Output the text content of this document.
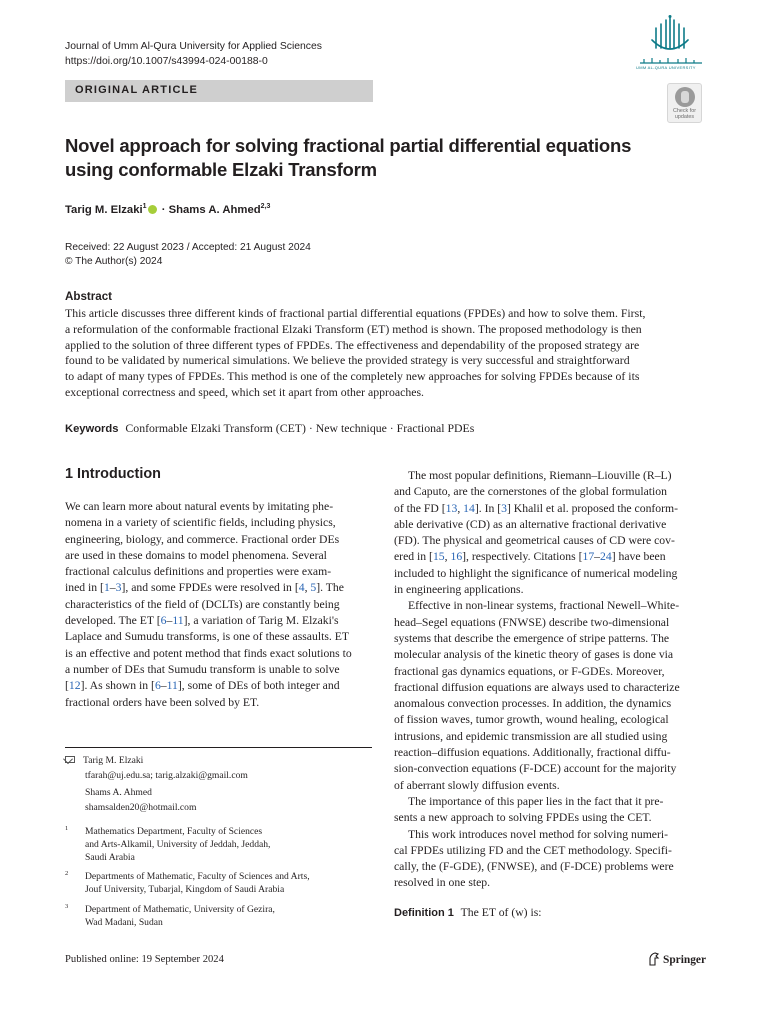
Journal of Umm Al-Qura University for Applied Sciences
https://doi.org/10.1007/s43994-024-00188-0
UMM AL-QURA UNIVERSITY
ORIGINAL ARTICLE
Check for
updates
Novel approach for solving fractional partial differential equations
using conformable Elzaki Transform
Tarig M. Elzaki$^1$ · Shams A. Ahmed$^{2,3}$
Received: 22 August 2023 / Accepted: 21 August 2024
© The Author(s) 2024
Abstract
This article discusses three different kinds of fractional partial differential equations (FPDEs) and how to solve them. First,
a reformulation of the conformable fractional Elzaki Transform (ET) method is shown. The proposed methodology is then
applied to the solution of three different types of FPDEs. The effectiveness and dependability of the proposed strategy are
found to be validated by numerical simulations. We believe the provided strategy is very successful and straightforward
to adapt of many types of FPDEs. This method is one of the completely new approaches for solving FPDEs because of its
exceptional correctness and speed, which set it apart from other approaches.
Keywords Conformable Elzaki Transform (CET) · New technique · Fractional PDEs
1 Introduction
We can learn more about natural events by imitating phe-
nomena in a variety of scientific fields, including physics,
engineering, biology, and commerce. Fractional order DEs
are used in these domains to model phenomena. Several
fractional calculus definitions and properties were exam-
ined in [1–3], and some FPDEs were resolved in [4, 5]. The
characteristics of the field of (DCLTs) are constantly being
developed. The ET [6–11], a variation of Tarig M. Elzaki's
Laplace and Sumudu transforms, is one of these assaults. ET
is an effective and potent method that finds exact solutions to
a number of DEs that Sumudu transform is unable to solve
[12]. As shown in [6–11], some of DEs of both integer and
fractional orders have been solved by ET.
Tarig M. Elzaki
tfarah@uj.edu.sa; tarig.alzaki@gmail.com
Shams A. Ahmed
shamsalden20@hotmail.com
1 Mathematics Department, Faculty of Sciences
and Arts-Alkamil, University of Jeddah, Jeddah,
Saudi Arabia
2 Departments of Mathematic, Faculty of Sciences and Arts,
Jouf University, Tubarjal, Kingdom of Saudi Arabia
3 Department of Mathematic, University of Gezira,
Wad Madani, Sudan
The most popular definitions, Riemann–Liouville (R–L)
and Caputo, are the cornerstones of the global formulation
of the FD [13, 14]. In [3] Khalil et al. proposed the conform-
able derivative (CD) as an alternative fractional derivative
(FD). The physical and geometrical causes of CD were cov-
ered in [15, 16], respectively. Citations [17–24] have been
included to highlight the significance of numerical modeling
in engineering applications.
Effective in non-linear systems, fractional Newell–White-
head–Segel equations (FNWSE) describe two-dimensional
systems that describe the emergence of stripe patterns. The
molecular analysis of the kinetic theory of gases is done via
fractional gas dynamics equations, or F-GDEs. Moreover,
fractional diffusion equations are always used to characterize
anomalous convection processes. In addition, the dynamics
of fission waves, tumor growth, wound healing, ecological
intrusions, and epidemic transmission are all studied using
reaction–diffusion equations. Additionally, fractional diffu-
sion-convection equations (F-DCE) account for the majority
of aberrant slowly diffusion events.
The importance of this paper lies in the fact that it pre-
sents a new approach to solving FPDEs using the CET.
This work introduces novel method for solving numeri-
cal FPDEs utilizing FD and the CET methodology. Specifi-
cally, the (F-GDE), (FNWSE), and (F-DCE) problems were
resolved in one step.
Definition 1 The ET of (w) is:
Published online: 19 September 2024	Springer
